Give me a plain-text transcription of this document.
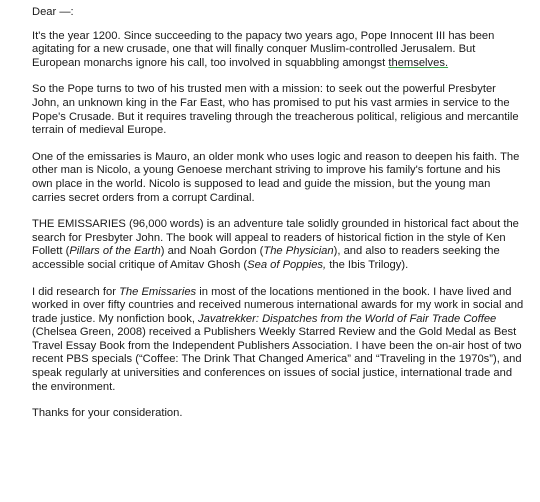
Dear —:

It's the year 1200. Since succeeding to the papacy two years ago, Pope Innocent III has been agitating for a new crusade, one that will finally conquer Muslim-controlled Jerusalem. But European monarchs ignore his call, too involved in squabbling amongst themselves.

So the Pope turns to two of his trusted men with a mission: to seek out the powerful Presbyter John, an unknown king in the Far East, who has promised to put his vast armies in service to the Pope's Crusade. But it requires traveling through the treacherous political, religious and mercantile terrain of medieval Europe.

One of the emissaries is Mauro, an older monk who uses logic and reason to deepen his faith. The other man is Nicolo, a young Genoese merchant striving to improve his family's fortune and his own place in the world. Nicolo is supposed to lead and guide the mission, but the young man carries secret orders from a corrupt Cardinal.

THE EMISSARIES (96,000 words) is an adventure tale solidly grounded in historical fact about the search for Presbyter John. The book will appeal to readers of historical fiction in the style of Ken Follett (Pillars of the Earth) and Noah Gordon (The Physician), and also to readers seeking the accessible social critique of Amitav Ghosh (Sea of Poppies, the Ibis Trilogy).

I did research for The Emissaries in most of the locations mentioned in the book. I have lived and worked in over fifty countries and received numerous international awards for my work in social and trade justice. My nonfiction book, Javatrekker: Dispatches from the World of Fair Trade Coffee (Chelsea Green, 2008) received a Publishers Weekly Starred Review and the Gold Medal as Best Travel Essay Book from the Independent Publishers Association. I have been the on-air host of two recent PBS specials (“Coffee: The Drink That Changed America” and “Traveling in the 1970s”), and speak regularly at universities and conferences on issues of social justice, international trade and the environment.

Thanks for your consideration.
